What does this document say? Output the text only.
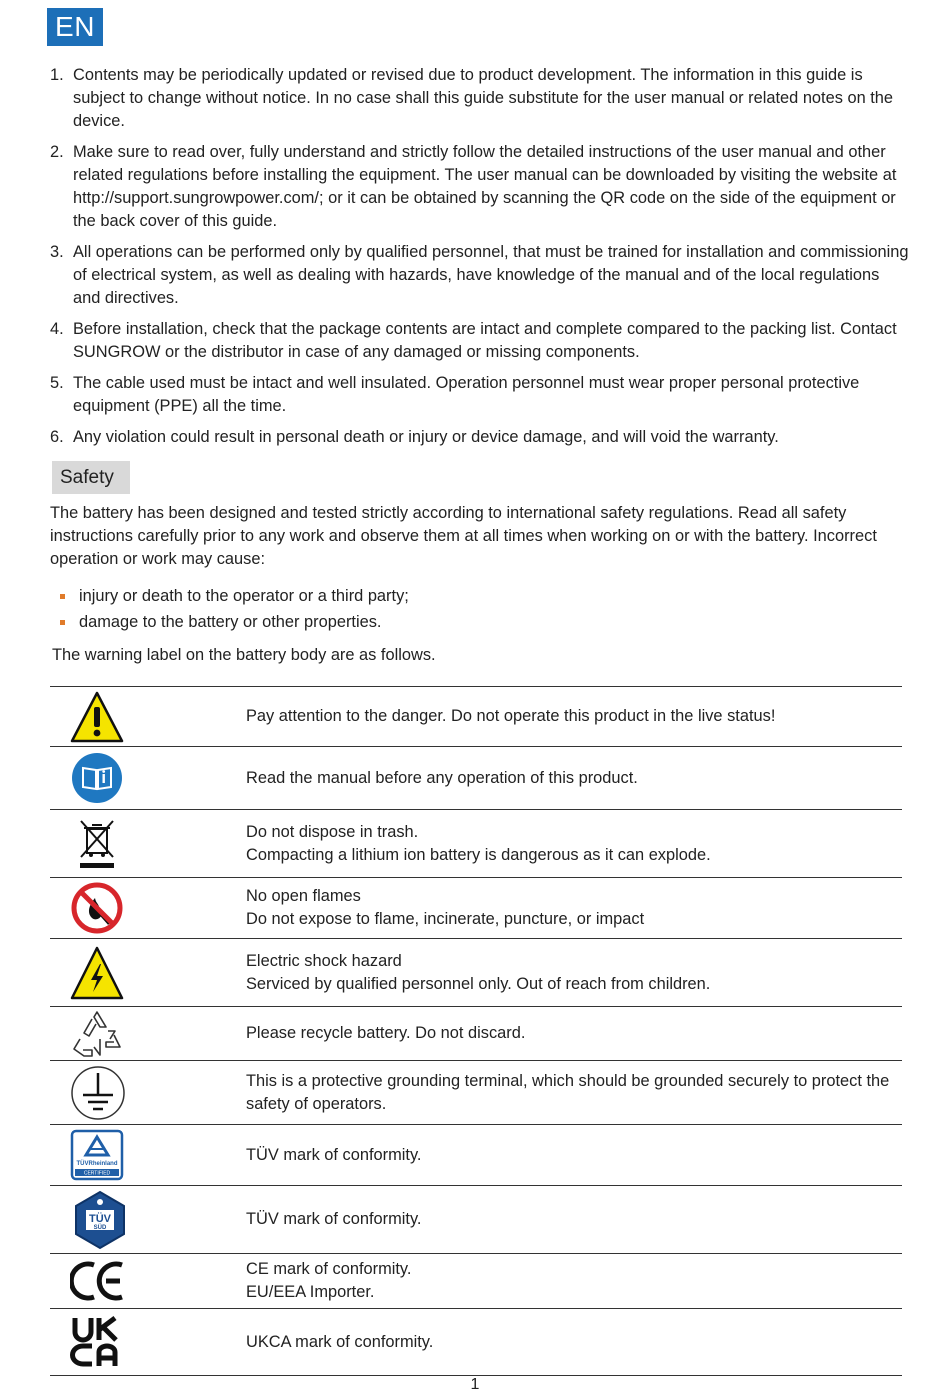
EN
1. Contents may be periodically updated or revised due to product development. The information in this guide is subject to change without notice. In no case shall this guide substitute for the user manual or related notes on the device.
2. Make sure to read over, fully understand and strictly follow the detailed instructions of the user manual and other related regulations before installing the equipment. The user manual can be downloaded by visiting the website at http://support.sungrowpower.com/; or it can be obtained by scanning the QR code on the side of the equipment or the back cover of this guide.
3. All operations can be performed only by qualified personnel, that must be trained for installation and commissioning of electrical system, as well as dealing with hazards, have knowledge of the manual and of the local regulations and directives.
4. Before installation, check that the package contents are intact and complete compared to the packing list. Contact SUNGROW or the distributor in case of any damaged or missing components.
5. The cable used must be intact and well insulated. Operation personnel must wear proper personal protective equipment (PPE) all the time.
6. Any violation could result in personal death or injury or device damage, and will void the warranty.
Safety
The battery has been designed and tested strictly according to international safety regulations. Read all safety instructions carefully prior to any work and observe them at all times when working on or with the battery. Incorrect operation or work may cause:
injury or death to the operator or a third party;
damage to the battery or other properties.
The warning label on the battery body are as follows.
Pay attention to the danger. Do not operate this product in the live status!
Read the manual before any operation of this product.
Do not dispose in trash.
Compacting a lithium ion battery is dangerous as it can explode.
No open flames
Do not expose to flame, incinerate, puncture, or impact
Electric shock hazard
Serviced by qualified personnel only. Out of reach from children.
Please recycle battery. Do not discard.
This is a protective grounding terminal, which should be grounded securely to protect the safety of operators.
TÜVRheinland
CERTIFIED
TÜV mark of conformity.
TÜV
SÜD	TÜV mark of conformity.
CE mark of conformity.
EU/EEA Importer.
UKCA mark of conformity.
1
